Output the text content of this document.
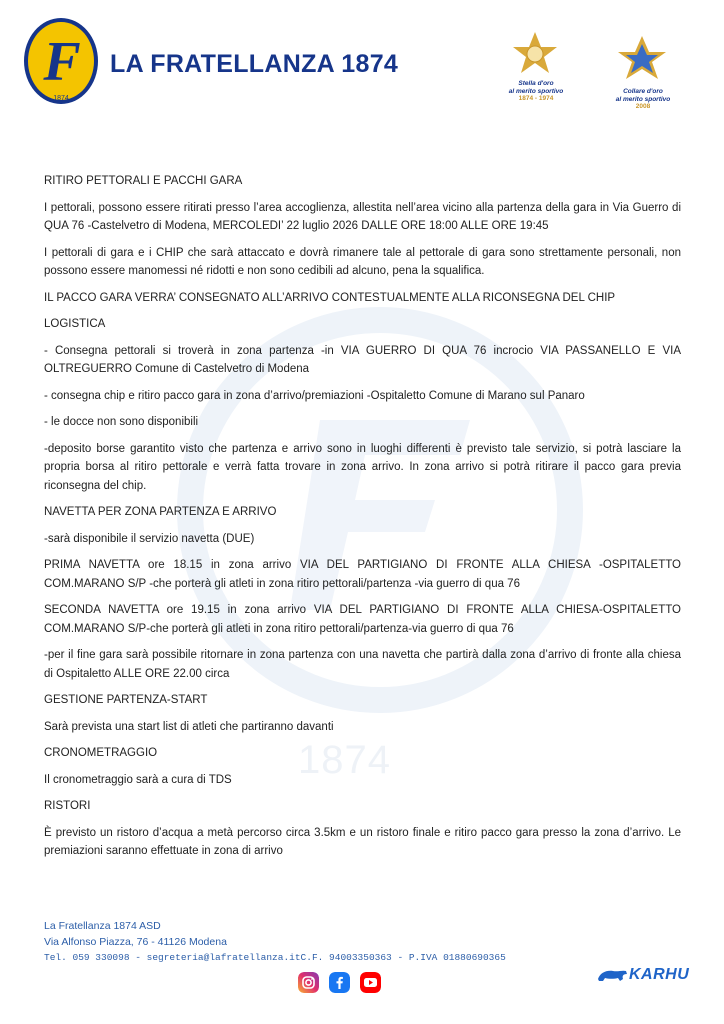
1874
F
1874
LA FRATELLANZA 1874
Stella d'oro
al merito sportivo
1874 - 1974
Collare d'oro
al merito sportivo
2008

RITIRO PETTORALI E PACCHI GARA

I pettorali, possono essere ritirati presso l’area accoglienza, allestita nell’area vicino alla partenza della gara in Via Guerro di QUA 76 -Castelvetro di Modena, MERCOLEDI’ 22 luglio 2026 DALLE ORE 18:00 ALLE ORE 19:45

I pettorali di gara e i CHIP che sarà attaccato e dovrà rimanere tale al pettorale di gara sono strettamente personali, non possono essere manomessi né ridotti e non sono cedibili ad alcuno, pena la squalifica.

IL PACCO GARA VERRA’ CONSEGNATO ALL’ARRIVO CONTESTUALMENTE ALLA RICONSEGNA DEL CHIP

LOGISTICA

- Consegna pettorali si troverà in zona partenza -in VIA GUERRO DI QUA 76 incrocio VIA PASSANELLO E VIA OLTREGUERRO Comune di Castelvetro di Modena

- consegna chip e ritiro pacco gara in zona d’arrivo/premiazioni -Ospitaletto Comune di Marano sul Panaro

- le docce non sono disponibili

-deposito borse garantito visto che partenza e arrivo sono in luoghi differenti è previsto tale servizio, si potrà lasciare la propria borsa al ritiro pettorale e verrà fatta trovare in zona arrivo. In zona arrivo si potrà ritirare il pacco gara previa riconsegna del chip.

NAVETTA PER ZONA PARTENZA E ARRIVO

-sarà disponibile il servizio navetta (DUE)

PRIMA NAVETTA ore 18.15 in zona arrivo VIA DEL PARTIGIANO DI FRONTE ALLA CHIESA -OSPITALETTO COM.MARANO S/P -che porterà gli atleti in zona ritiro pettorali/partenza -via guerro di qua 76

SECONDA NAVETTA ore 19.15 in zona arrivo VIA DEL PARTIGIANO DI FRONTE ALLA CHIESA-OSPITALETTO COM.MARANO S/P-che porterà gli atleti in zona ritiro pettorali/partenza-via guerro di qua 76

-per il fine gara sarà possibile ritornare in zona partenza con una navetta che partirà dalla zona d’arrivo di fronte alla chiesa di Ospitaletto ALLE ORE 22.00 circa

GESTIONE PARTENZA-START

Sarà prevista una start list di atleti che partiranno davanti

CRONOMETRAGGIO

Il cronometraggio sarà a cura di TDS

RISTORI

È previsto un ristoro d’acqua a metà percorso circa 3.5km e un ristoro finale e ritiro pacco gara presso la zona d’arrivo. Le premiazioni saranno effettuate in zona di arrivo

La Fratellanza 1874 ASD
Via Alfonso Piazza, 76 - 41126 Modena
Tel. 059 330098 - segreteria@lafratellanza.itC.F. 94003350363 - P.IVA 01880690365
KARHU
